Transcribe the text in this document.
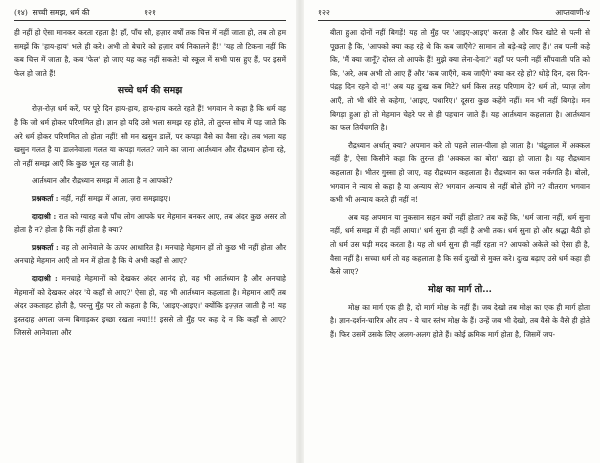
(१४) सच्ची समझ, धर्म की	१२१

ही नहीं हो ऐसा मानकर करता रहता है! हाँ, पाँच सौ, हज़ार वर्षों तक चित्त में नहीं जाता हो, तब तो हम समझें कि 'हाय-हाय' भले ही करे। अभी तो बेचारे को हज़ार वर्ष निकालने हैं!' 'यह तो टिकना नहीं कि कब चित्त में जाता है, कब 'फेल' हो जाए यह कह नहीं सकते! यो स्कूल में सभी पास हुए हैं, पर इसमें फेल हो जाते हैं!

सच्चे धर्म की समझ

रोज़-रोज़ धर्म करें, पर पूरे दिन हाय-हाय, हाय-हाय करते रहते हैं! भगवान ने कहा है कि धर्म वह है कि जो धर्म होकर परिणमित हो। ज्ञान हो यदि उसे भला समझ रह होते, तो तुरन्त सोच में पड़ जाते कि अरे धर्म होकर परिणमित तो होता नहीं! सौ मन खसुन डालें, पर कपड़ा वैसे का वैसा रहे। तब भला यह खसुन गलत है या डालनेवाला गलत या कपड़ा गलत? जाने का जाना आर्तध्यान और रौद्रध्यान होना रहे, तो नहीं समझ आएँ कि कुछ भूल रह जाती है।

आर्तध्यान और रौद्रध्यान समझ में आता है न आपको?

प्रश्नकर्ता : नहीं, नहीं समझ में आता, ज़रा समझाइए।

दादाश्री : रात को ग्यारह बजे पाँच लोग आपके घर मेहमान बनकर आए, तब अंदर कुछ असर तो होता है न? होता है कि नहीं होता है क्या?

प्रश्नकर्ता : वह तो आनेवाले के ऊपर आधारित है। मनचाहे मेहमान हों तो कुछ भी नहीं होता और अनचाहे मेहमान आएँ तो मन में होता है कि ये अभी कहाँ से आए?

दादाश्री : मनचाहे मेहमानों को देखकर अंदर आनंद हो, वह भी आर्तध्यान है और अनचाहे मेहमानों को देखकर अंदर 'ये कहाँ से आए?' ऐसा हो, वह भी आर्तध्यान कहलाता है। मेहमान आएँ तब अंदर उकताहट होती है, परन्तु मुँह पर तो कहता है कि, 'आइए-आइए।' क्योंकि इज़्ज़त जाती है न! यह इस्तदाह अगला जन्म बिगाड़कर इच्छा रखता नया!!! इससे तो मुँह पर कह दे न कि कहाँ से आए? जिससे आनेवाला और

१२२	आप्तवाणी-४

बीता हुआ दोनों नहीं बिगड़ें! यह तो मुँह पर 'आइए-आइए' करता है और फिर खोटे से पत्नी से पूछता है कि, 'आपको क्या कह रहे थे कि कब जाएँगे? सामान तो बड़े-बड़े लाए हैं।' तब पत्नी कहे कि, 'मैं क्या जानूँ? दोस्त तो आपके हैं! मुझे क्या लेना-देना?' वहाँ पर पत्नी नहीं सौंपवाती पति को कि, 'अरे, अब अभी तो आए हैं और 'कब जाएँगे, कब जाएँगे' क्या कर रहे हो? थोड़े दिन, दस दिन-पंद्रह दिन रहने दो न!' अब यह दुःख कब मिटे? धर्म किस तरह परिणाम दे? धर्म तो, प्याज़ लोग आएँ, तो भी धीरे से कहेगा, 'आइए, पधारिए।' दूसरा कुछ कहेंगे नहीं। मन भी नहीं बिगड़े। मन बिगड़ा हुआ हो तो मेहमान चेहरे पर से ही पहचान जाते हैं। यह आर्तध्यान कहलाता है। आर्तध्यान का फल तिर्यंचगति है।

रौद्रध्यान अर्थात् क्या? अपमान करे तो पहले लाल-पीला हो जाता है। 'चंद्रुलाल में अक्कल नहीं है', ऐसा किसीने कहा कि तुरन्त ही 'अक्कल का बोरा' खड़ा हो जाता है। यह रौद्रध्यान कहलाता है। भीतर गुस्सा हो जाए, वह रौद्रध्यान कहलाता है। रौद्रध्यान का फल नर्कगति है। बोलो, भगवान ने न्याय से कहा है या अन्याय से? भगवान अन्याय से नहीं बोले होंगे न? वीतराग भगवान कभी भी अन्याय करते ही नहीं न!

अब यह अपमान या नुकसान सहन क्यों नहीं होता? तब कहें कि, 'धर्म जाना नहीं, धर्म सुना नहीं, धर्म समझ में ही नहीं आया।' धर्म सुना ही नहीं है अभी तक। धर्म सुना हो और श्रद्धा बैठी हो तो धर्म उस घड़ी मदद करता है। यह तो धर्म सुना ही नहीं रहता न? आपको अकेले को ऐसा ही है, वैसा नहीं है। सच्चा धर्म तो वह कहलाता है कि सर्व दुःखों से मुक्त करे। दुःख बढ़ाए उसे धर्म कहा ही कैसे जाए?

मोक्ष का मार्ग तो...

मोक्ष का मार्ग एक ही है, दो मार्ग मोक्ष के नहीं हैं। जब देखो तब मोक्ष का एक ही मार्ग होता है। ज्ञान-दर्शन-चारित्र और तप - ये चार स्तंभ मोक्ष के हैं। उन्हें जब भी देखो, तब वैसे के वैसे ही होते हैं। फिर उसमें उसके लिए अलग-अलग होते हैं। कोई क्रमिक मार्ग होता है, जिसमें जप-
